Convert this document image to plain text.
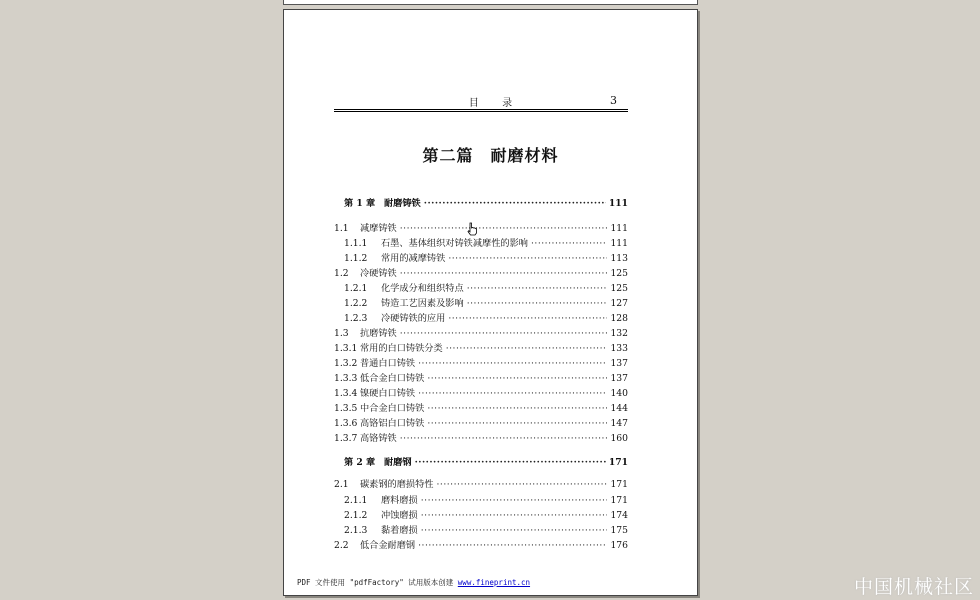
目 录	3
第二篇　耐磨材料
第 1 章 耐磨铸铁 ·····	111
1.1	减摩铸铁 ·····	111
1.1.1	石墨、基体组织对铸铁减摩性的影响 ·····	111
1.1.2	常用的减摩铸铁 ·····	113
1.2	冷硬铸铁 ·····	125
1.2.1	化学成分和组织特点 ·····	125
1.2.2	铸造工艺因素及影响 ·····	127
1.2.3	冷硬铸铁的应用 ·····	128
1.3	抗磨铸铁 ·····	132
1.3.1 常用的白口铸铁分类 ·····	133
1.3.2 普通白口铸铁 ·····	137
1.3.3 低合金白口铸铁 ·····	137
1.3.4 镍硬白口铸铁 ·····	140
1.3.5 中合金白口铸铁 ·····	144
1.3.6 高铬铝白口铸铁 ·····	147
1.3.7 高铬铸铁 ·····	160
第 2 章 耐磨钢 ·····	171
2.1	碳素钢的磨损特性 ·····	171
2.1.1	磨料磨损 ·····	171
2.1.2	冲蚀磨损 ·····	174
2.1.3	黏着磨损 ·····	175
2.2	低合金耐磨钢 ·····	176
PDF 文件使用 "pdfFactory" 试用版本创建 www.fineprint.cn	中国机械社区
